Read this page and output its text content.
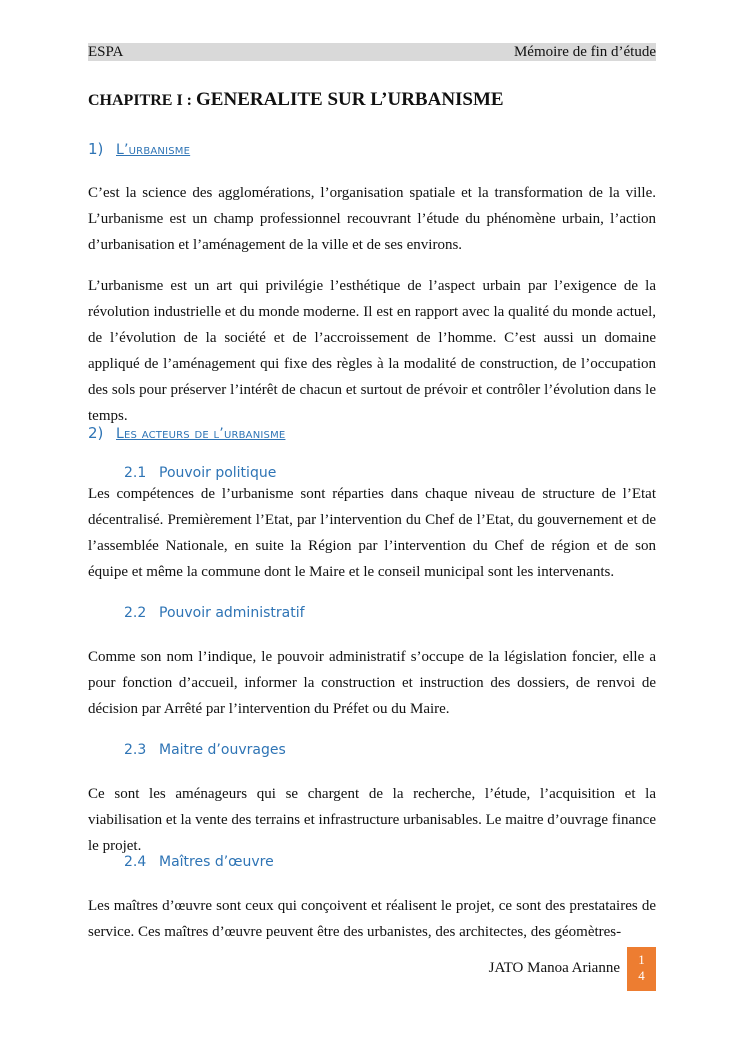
ESPA	Mémoire de fin d’étude
CHAPITRE I : GENERALITE SUR L’URBANISME
1) L’urbanisme

C’est la science des agglomérations, l’organisation spatiale et la transformation de la ville. L’urbanisme est un champ professionnel recouvrant l’étude du phénomène urbain, l’action d’urbanisation et l’aménagement de la ville et de ses environs.

L’urbanisme est un art qui privilégie l’esthétique de l’aspect urbain par l’exigence de la révolution industrielle et du monde moderne. Il est en rapport avec la qualité du monde actuel, de l’évolution de la société et de l’accroissement de l’homme. C’est aussi un domaine appliqué de l’aménagement qui fixe des règles à la modalité de construction, de l’occupation des sols pour préserver l’intérêt de chacun et surtout de prévoir et contrôler l’évolution dans le temps.

2) Les acteurs de l’urbanisme
2.1 Pouvoir politique

Les compétences de l’urbanisme sont réparties dans chaque niveau de structure de l’Etat décentralisé. Premièrement l’Etat, par l’intervention du Chef de l’Etat, du gouvernement et de l’assemblée Nationale, en suite la Région par l’intervention du Chef de région et de son équipe et même la commune dont le Maire et le conseil municipal sont les intervenants.

2.2 Pouvoir administratif

Comme son nom l’indique, le pouvoir administratif s’occupe de la législation foncier, elle a pour fonction d’accueil, informer la construction et instruction des dossiers, de renvoi de décision par Arrêté par l’intervention du Préfet ou du Maire.

2.3 Maitre d’ouvrages

Ce sont les aménageurs qui se chargent de la recherche, l’étude, l’acquisition et la viabilisation et la vente des terrains et infrastructure urbanisables. Le maitre d’ouvrage finance le projet.

2.4 Maîtres d’œuvre

Les maîtres d’œuvre sont ceux qui conçoivent et réalisent le projet, ce sont des prestataires de service. Ces maîtres d’œuvre peuvent être des urbanistes, des architectes, des géomètres-

JATO Manoa Arianne
1
4
